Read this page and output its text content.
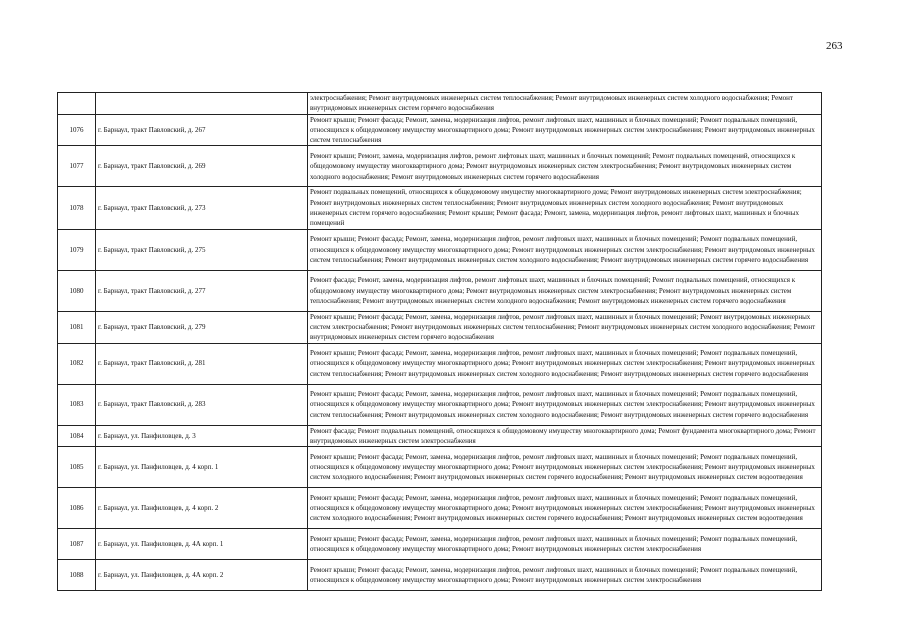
263
		электроснабжения; Ремонт внутридомовых инженерных систем теплоснабжения; Ремонт внутридомовых инженерных систем холодного водоснабжения; Ремонт внутридомовых инженерных систем горячего водоснабжения
1076	г. Барнаул, тракт Павловский, д. 267	Ремонт крыши; Ремонт фасада; Ремонт, замена, модернизация лифтов, ремонт лифтовых шахт, машинных и блочных помещений; Ремонт подвальных помещений, относящихся к общедомовому имуществу многоквартирного дома; Ремонт внутридомовых инженерных систем электроснабжения; Ремонт внутридомовых инженерных систем теплоснабжения
1077	г. Барнаул, тракт Павловский, д. 269	Ремонт крыши; Ремонт, замена, модернизация лифтов, ремонт лифтовых шахт, машинных и блочных помещений; Ремонт подвальных помещений, относящихся к общедомовому имуществу многоквартирного дома; Ремонт внутридомовых инженерных систем электроснабжения; Ремонт внутридомовых инженерных систем холодного водоснабжения; Ремонт внутридомовых инженерных систем горячего водоснабжения
1078	г. Барнаул, тракт Павловский, д. 273	Ремонт подвальных помещений, относящихся к общедомовому имуществу многоквартирного дома; Ремонт внутридомовых инженерных систем электроснабжения; Ремонт внутридомовых инженерных систем теплоснабжения; Ремонт внутридомовых инженерных систем холодного водоснабжения; Ремонт внутридомовых инженерных систем горячего водоснабжения; Ремонт крыши; Ремонт фасада; Ремонт, замена, модернизация лифтов, ремонт лифтовых шахт, машинных и блочных помещений
1079	г. Барнаул, тракт Павловский, д. 275	Ремонт крыши; Ремонт фасада; Ремонт, замена, модернизация лифтов, ремонт лифтовых шахт, машинных и блочных помещений; Ремонт подвальных помещений, относящихся к общедомовому имуществу многоквартирного дома; Ремонт внутридомовых инженерных систем электроснабжения; Ремонт внутридомовых инженерных систем теплоснабжения; Ремонт внутридомовых инженерных систем холодного водоснабжения; Ремонт внутридомовых инженерных систем горячего водоснабжения
1080	г. Барнаул, тракт Павловский, д. 277	Ремонт фасада; Ремонт, замена, модернизация лифтов, ремонт лифтовых шахт, машинных и блочных помещений; Ремонт подвальных помещений, относящихся к общедомовому имуществу многоквартирного дома; Ремонт внутридомовых инженерных систем электроснабжения; Ремонт внутридомовых инженерных систем теплоснабжения; Ремонт внутридомовых инженерных систем холодного водоснабжения; Ремонт внутридомовых инженерных систем горячего водоснабжения
1081	г. Барнаул, тракт Павловский, д. 279	Ремонт крыши; Ремонт фасада; Ремонт, замена, модернизация лифтов, ремонт лифтовых шахт, машинных и блочных помещений; Ремонт внутридомовых инженерных систем электроснабжения; Ремонт внутридомовых инженерных систем теплоснабжения; Ремонт внутридомовых инженерных систем холодного водоснабжения; Ремонт внутридомовых инженерных систем горячего водоснабжения
1082	г. Барнаул, тракт Павловский, д. 281	Ремонт крыши; Ремонт фасада; Ремонт, замена, модернизация лифтов, ремонт лифтовых шахт, машинных и блочных помещений; Ремонт подвальных помещений, относящихся к общедомовому имуществу многоквартирного дома; Ремонт внутридомовых инженерных систем электроснабжения; Ремонт внутридомовых инженерных систем теплоснабжения; Ремонт внутридомовых инженерных систем холодного водоснабжения; Ремонт внутридомовых инженерных систем горячего водоснабжения
1083	г. Барнаул, тракт Павловский, д. 283	Ремонт крыши; Ремонт фасада; Ремонт, замена, модернизация лифтов, ремонт лифтовых шахт, машинных и блочных помещений; Ремонт подвальных помещений, относящихся к общедомовому имуществу многоквартирного дома; Ремонт внутридомовых инженерных систем электроснабжения; Ремонт внутридомовых инженерных систем теплоснабжения; Ремонт внутридомовых инженерных систем холодного водоснабжения; Ремонт внутридомовых инженерных систем горячего водоснабжения
1084	г. Барнаул, ул. Панфиловцев, д. 3	Ремонт фасада; Ремонт подвальных помещений, относящихся к общедомовому имуществу многоквартирного дома; Ремонт фундамента многоквартирного дома; Ремонт внутридомовых инженерных систем электроснабжения
1085	г. Барнаул, ул. Панфиловцев, д. 4 корп. 1	Ремонт крыши; Ремонт фасада; Ремонт, замена, модернизация лифтов, ремонт лифтовых шахт, машинных и блочных помещений; Ремонт подвальных помещений, относящихся к общедомовому имуществу многоквартирного дома; Ремонт внутридомовых инженерных систем электроснабжения; Ремонт внутридомовых инженерных систем холодного водоснабжения; Ремонт внутридомовых инженерных систем горячего водоснабжения; Ремонт внутридомовых инженерных систем водоотведения
1086	г. Барнаул, ул. Панфиловцев, д. 4 корп. 2	Ремонт крыши; Ремонт фасада; Ремонт, замена, модернизация лифтов, ремонт лифтовых шахт, машинных и блочных помещений; Ремонт подвальных помещений, относящихся к общедомовому имуществу многоквартирного дома; Ремонт внутридомовых инженерных систем электроснабжения; Ремонт внутридомовых инженерных систем холодного водоснабжения; Ремонт внутридомовых инженерных систем горячего водоснабжения; Ремонт внутридомовых инженерных систем водоотведения
1087	г. Барнаул, ул. Панфиловцев, д. 4А корп. 1	Ремонт крыши; Ремонт фасада; Ремонт, замена, модернизация лифтов, ремонт лифтовых шахт, машинных и блочных помещений; Ремонт подвальных помещений, относящихся к общедомовому имуществу многоквартирного дома; Ремонт внутридомовых инженерных систем электроснабжения
1088	г. Барнаул, ул. Панфиловцев, д. 4А корп. 2	Ремонт крыши; Ремонт фасада; Ремонт, замена, модернизация лифтов, ремонт лифтовых шахт, машинных и блочных помещений; Ремонт подвальных помещений, относящихся к общедомовому имуществу многоквартирного дома; Ремонт внутридомовых инженерных систем электроснабжения
